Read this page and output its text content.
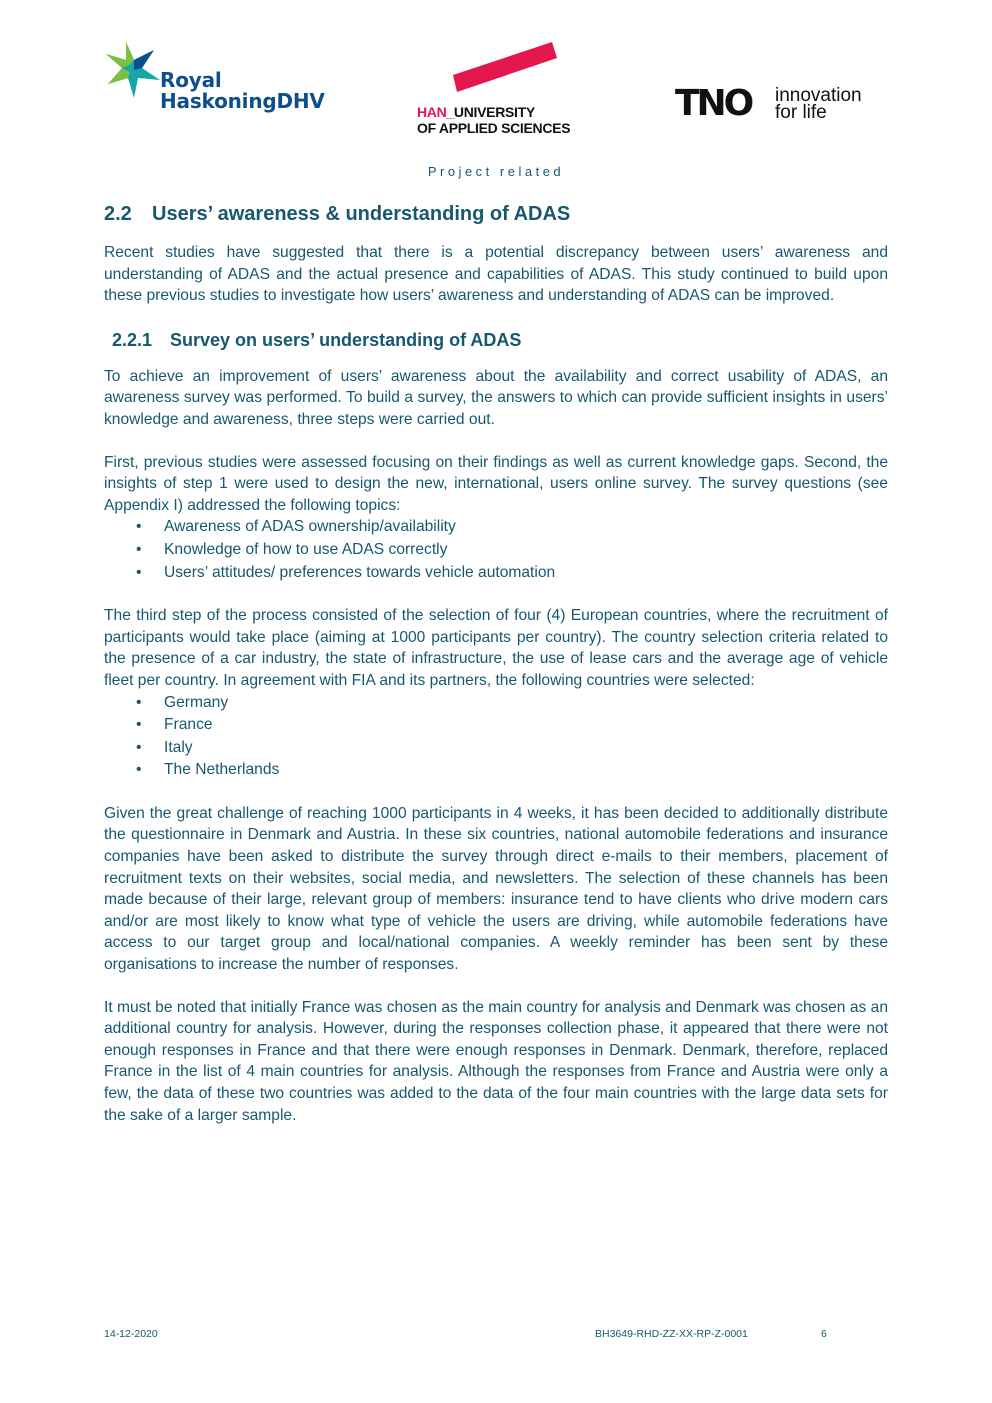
Royal
HaskoningDHV	HAN_UNIVERSITY
OF APPLIED SCIENCES
TNO innovation
for life
Project related
2.2 Users’ awareness & understanding of ADAS

Recent studies have suggested that there is a potential discrepancy between users’ awareness and understanding of ADAS and the actual presence and capabilities of ADAS. This study continued to build upon these previous studies to investigate how users’ awareness and understanding of ADAS can be improved.

2.2.1 Survey on users’ understanding of ADAS

To achieve an improvement of users’ awareness about the availability and correct usability of ADAS, an awareness survey was performed. To build a survey, the answers to which can provide sufficient insights in users’ knowledge and awareness, three steps were carried out.

First, previous studies were assessed focusing on their findings as well as current knowledge gaps. Second, the insights of step 1 were used to design the new, international, users online survey. The survey questions (see Appendix I) addressed the following topics:

• Awareness of ADAS ownership/availability
• Knowledge of how to use ADAS correctly
• Users’ attitudes/ preferences towards vehicle automation

The third step of the process consisted of the selection of four (4) European countries, where the recruitment of participants would take place (aiming at 1000 participants per country). The country selection criteria related to the presence of a car industry, the state of infrastructure, the use of lease cars and the average age of vehicle fleet per country. In agreement with FIA and its partners, the following countries were selected:

• Germany
• France
• Italy
• The Netherlands

Given the great challenge of reaching 1000 participants in 4 weeks, it has been decided to additionally distribute the questionnaire in Denmark and Austria. In these six countries, national automobile federations and insurance companies have been asked to distribute the survey through direct e-mails to their members, placement of recruitment texts on their websites, social media, and newsletters. The selection of these channels has been made because of their large, relevant group of members: insurance tend to have clients who drive modern cars and/or are most likely to know what type of vehicle the users are driving, while automobile federations have access to our target group and local/national companies. A weekly reminder has been sent by these organisations to increase the number of responses.

It must be noted that initially France was chosen as the main country for analysis and Denmark was chosen as an additional country for analysis. However, during the responses collection phase, it appeared that there were not enough responses in France and that there were enough responses in Denmark. Denmark, therefore, replaced France in the list of 4 main countries for analysis. Although the responses from France and Austria were only a few, the data of these two countries was added to the data of the four main countries with the large data sets for the sake of a larger sample.

14-12-2020	BH3649-RHD-ZZ-XX-RP-Z-0001	6
